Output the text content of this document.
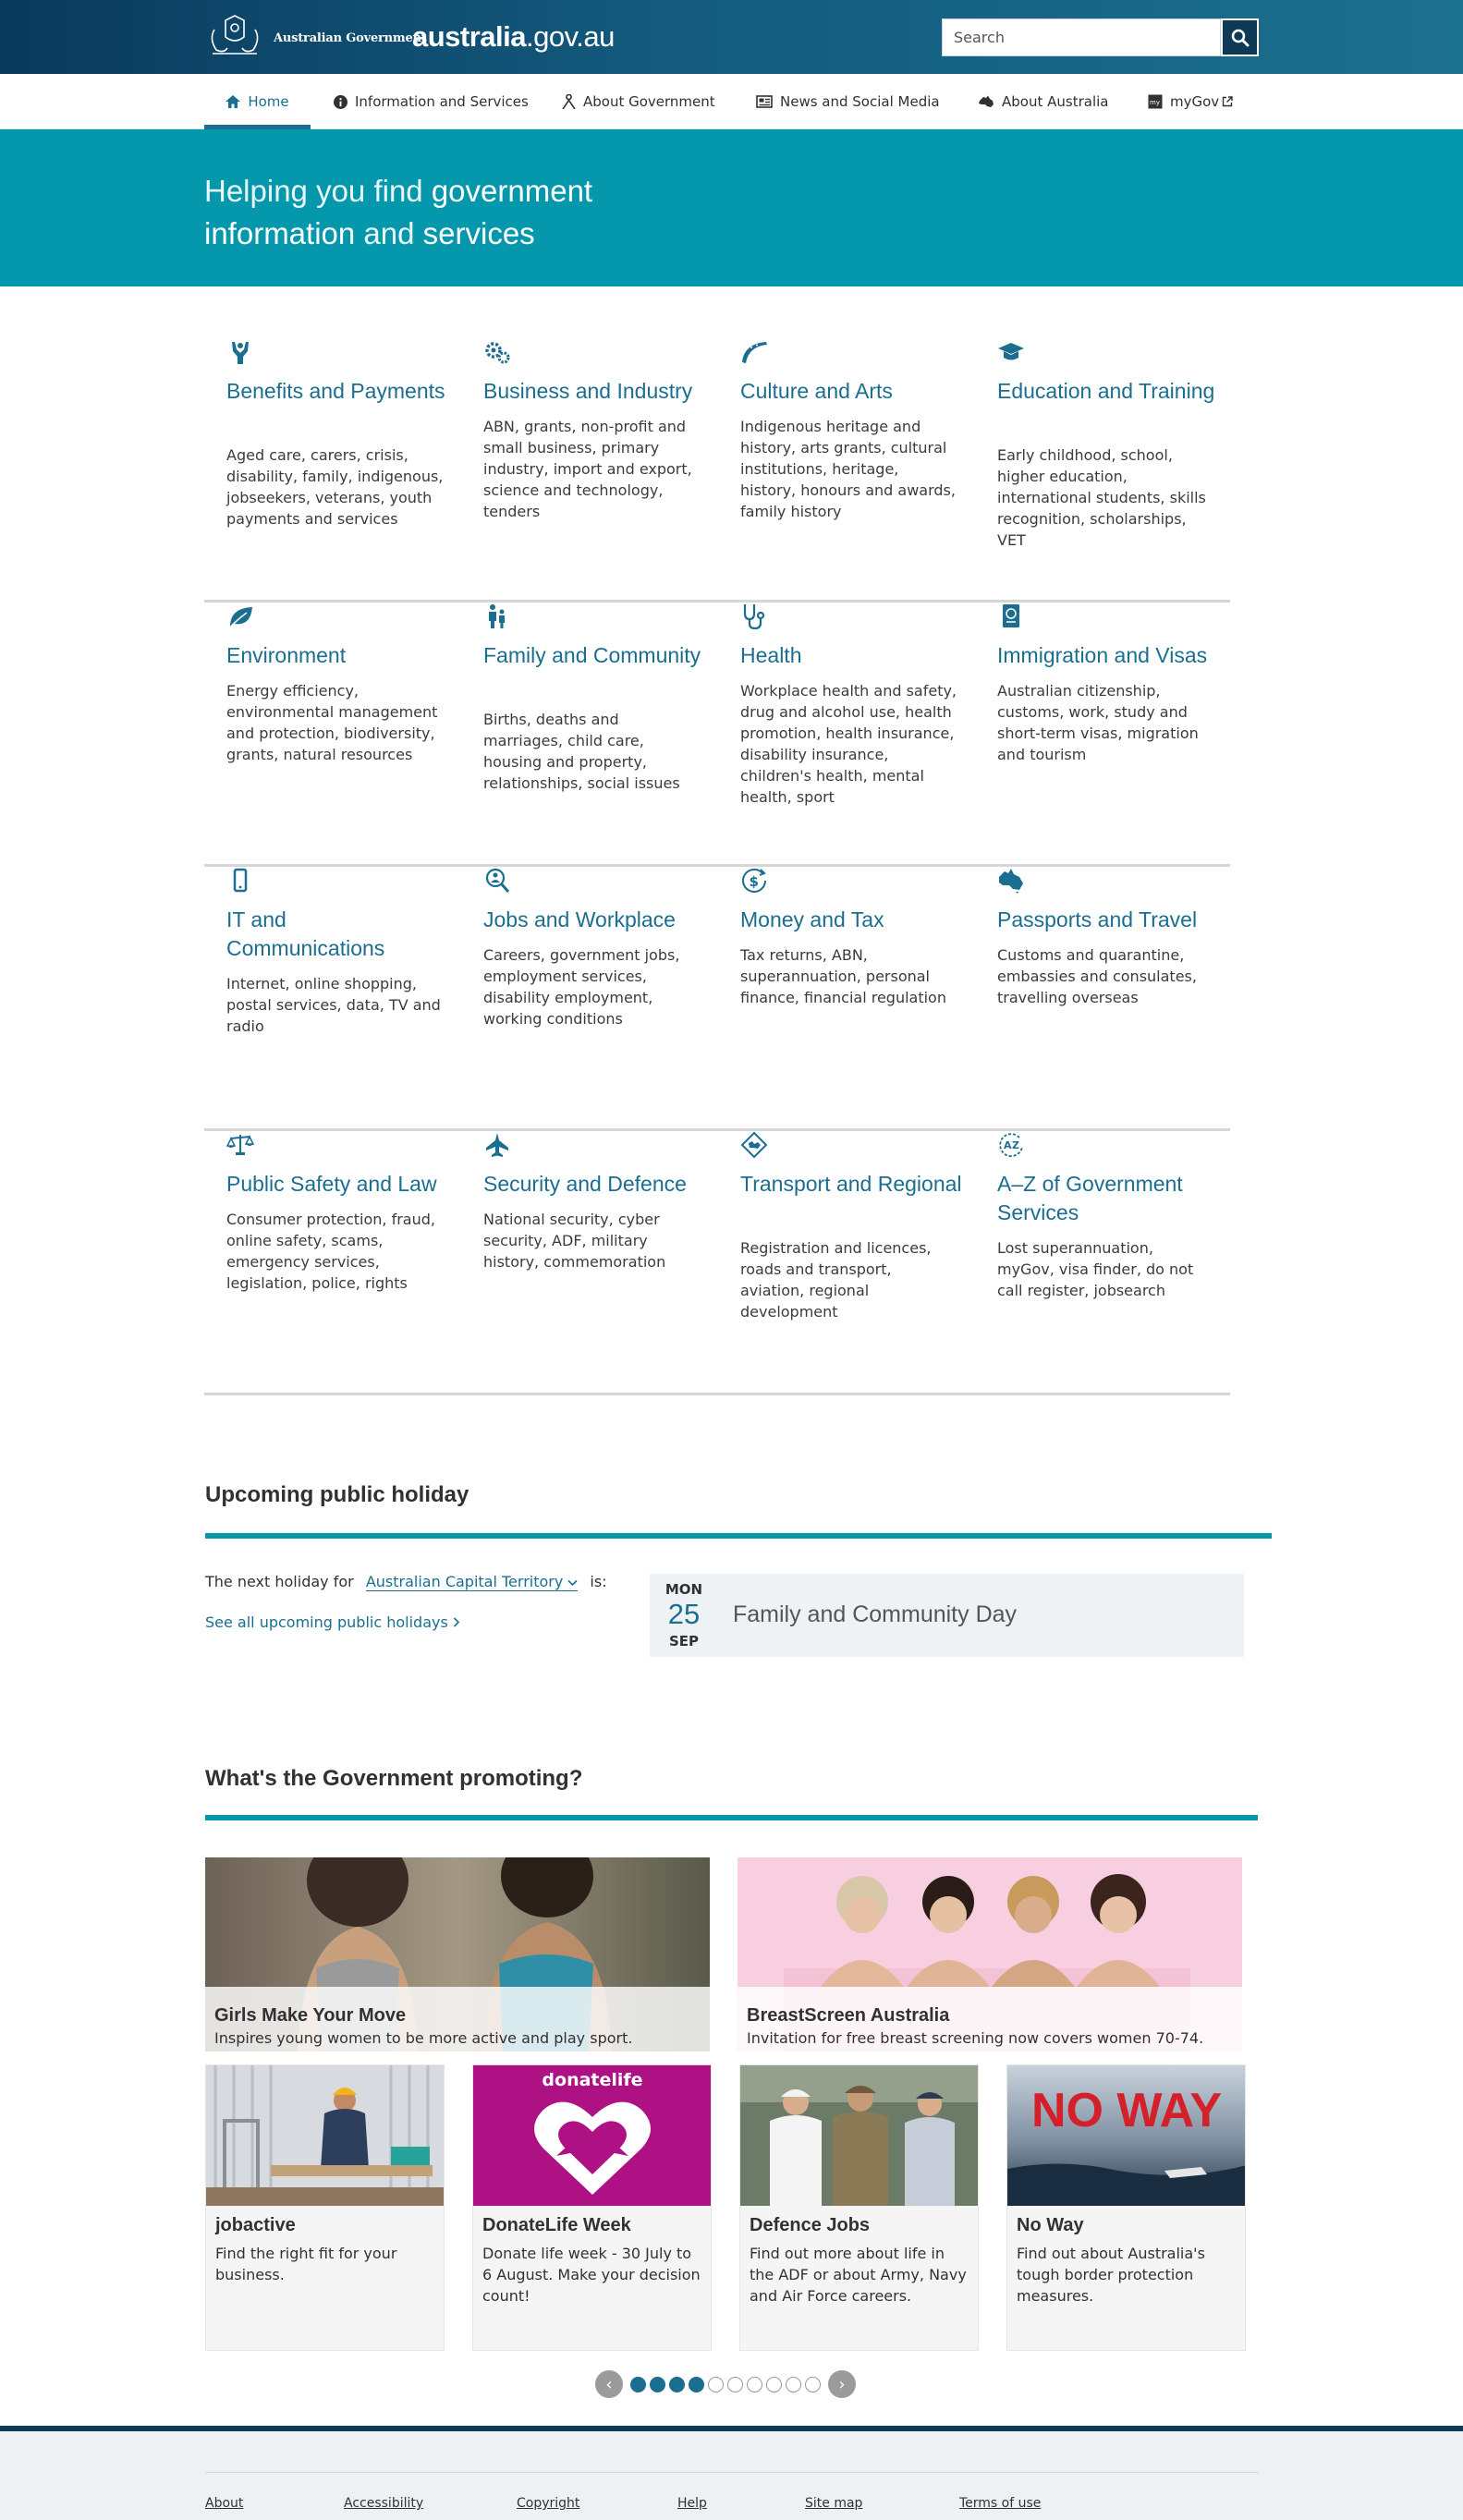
Australian Government
australia.gov.au	Search
Home	Information and Services	About Government	News and Social Media	About Australia	my myGov
Helping you find government
information and services
Benefits and Payments
Aged care, carers, crisis, disability, family, indigenous, jobseekers, veterans, youth payments and services
Business and Industry
ABN, grants, non-profit and small business, primary industry, import and export, science and technology, tenders
Culture and Arts
Indigenous heritage and history, arts grants, cultural institutions, heritage, history, honours and awards, family history
Education and Training
Early childhood, school, higher education, international students, skills recognition, scholarships, VET
Environment
Energy efficiency, environmental management and protection, biodiversity, grants, natural resources
Family and Community
Births, deaths and marriages, child care, housing and property, relationships, social issues
Health
Workplace health and safety, drug and alcohol use, health promotion, health insurance, disability insurance, children's health, mental health, sport
Immigration and Visas
Australian citizenship, customs, work, study and short-term visas, migration and tourism
IT and Communications
Internet, online shopping, postal services, data, TV and radio
Jobs and Workplace
Careers, government jobs, employment services, disability employment, working conditions
$
Money and Tax
Tax returns, ABN, superannuation, personal finance, financial regulation
Passports and Travel
Customs and quarantine, embassies and consulates, travelling overseas
Public Safety and Law
Consumer protection, fraud, online safety, scams, emergency services, legislation, police, rights
Security and Defence
National security, cyber security, ADF, military history, commemoration
Transport and Regional
Registration and licences, roads and transport, aviation, regional development
A Z
A–Z of Government Services
Lost superannuation, myGov, visa finder, do not call register, jobsearch
Upcoming public holiday
The next holiday for Australian Capital Territory is:
See all upcoming public holidays
MON
25
SEP
Family and Community Day
What's the Government promoting?
Girls Make Your Move
Inspires young women to be more active and play sport.
BreastScreen Australia
Invitation for free breast screening now covers women 70-74.
jobactive
Find the right fit for your business.
donatelife
DonateLife Week
Donate life week - 30 July to 6 August. Make your decision count!
Defence Jobs
Find out more about life in the ADF or about Army, Navy and Air Force careers.
NO WAY
No Way
Find out about Australia's tough border protection measures.
‹	›
About	Accessibility	Copyright	Help	Site map	Terms of use
